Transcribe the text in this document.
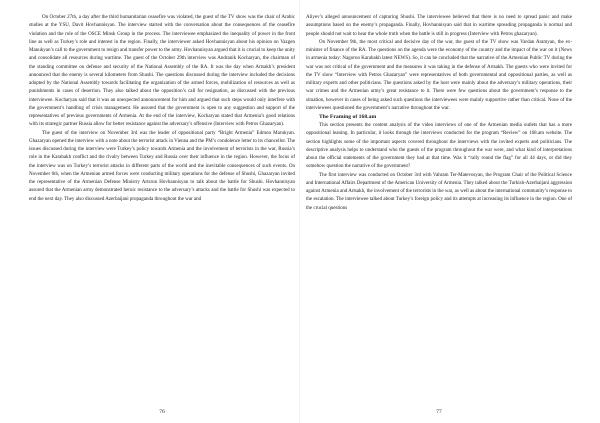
On October 27th, a day after the third humanitarian ceasefire was violated, the guest of the TV show was the chair of Arabic studies at the YSU, Davit Hovhannisyan. The interview started with the conversation about the consequences of the ceasefire violation and the role of the OSCE Minsk Group in the process. The interviewee emphasized the inequality of power in the front line as well as Turkey’s role and interest in the region. Finally, the interviewer asked Hovhannisyan about his opinion on Vazgen Manukyan’s call to the government to resign and transfer power to the army. Hovhannisyan argued that it is crucial to keep the unity and consolidate all resources during wartime. The guest of the October 29th interview was Andranik Kocharyan, the chairman of the standing committee on defense and security of the National Assembly of the RA. It was the day when Artsakh’s president announced that the enemy is several kilometers from Shushi. The questions discussed during the interview included the decisions adopted by the National Assembly towards facilitating the organization of the armed forces, mobilization of resources as well as punishments in cases of desertion. They also talked about the opposition’s call for resignation, as discussed with the previous interviewee. Kocharyan said that it was an unexpected announcement for him and argued that such steps would only interfere with the government’s handling of crisis management. He assured that the government is open to any suggestion and support of the representatives of previous governments of Armenia. At the end of the interview, Kocharyan stated that Armenia’s good relations with its strategic partner Russia allow for better resistance against the adversary’s offensive (Interview with Petros Ghazaryan).

The guest of the interview on November 3rd was the leader of oppositional party “Bright Armenia” Edmon Marukyan. Ghazaryan opened the interview with a note about the terrorist attack in Vienna and the PM’s condolence letter to its chancellor. The issues discussed during the interview were Turkey’s policy towards Armenia and the involvement of terrorists in the war, Russia’s role in the Karabakh conflict and the rivalry between Turkey and Russia over their influence in the region. However, the focus of the interview was on Turkey’s terrorist attacks in different parts of the world and the inevitable consequences of such events. On November 6th, when the Armenian armed forces were conducting military operations for the defense of Shushi, Ghazaryan invited the representative of the Armenian Defense Ministry Artsrun Hovhannisyan to talk about the battle for Shushi. Hovhannisyan assured that the Armenian army demonstrated heroic resistance to the adversary’s attacks and the battle for Shushi was expected to end the next day. They also discussed Azerbaijani propaganda throughout the war and

76

Aliyev’s alleged announcement of capturing Shushi. The interviewee believed that there is no need to spread panic and make assumptions based on the enemy’s propaganda. Finally, Hovhannisyan said that in wartime spreading propaganda is normal and people should not wait to hear the whole truth when the battle is still in progress (Interview with Petros ghazaryan).

On November 9th, the most critical and decisive day of the war, the guest of the TV show was Vardan Aramyan, the ex-minister of finance of the RA. The questions on the agenda were the economy of the country and the impact of the war on it (News in armenia today: Nagorno Karabakh latest NEWS). So, it can be concluded that the narrative of the Armenian Public TV during the war was not critical of the government and the measures it was taking in the defense of Artsakh. The guests who were invited for the TV show “Interview with Petros Ghazaryan” were representatives of both governmental and oppositional parties, as well as military experts and other politicians. The questions asked by the host were mainly about the adversary’s military operations, their war crimes and the Armenian army’s great resistance to it. There were few questions about the government’s response to the situation, however in cases of being asked such questions the interviewees were mainly supportive rather than critical. None of the interviewees questioned the government’s narrative throughout the war.

The Framing of 168.am

This section presents the content analysis of the video interviews of one of the Armenian media outlets that has a more oppositional leaning. In particular, it looks through the interviews conducted for the program “Review” on 168.am website. The section highlights some of the important aspects covered throughout the interviews with the invited experts and politicians. The descriptive analysis helps to understand who the guests of the program throughout the war were, and what kind of interpretations about the official statements of the government they had at that time. Was it “rally round the flag” for all 44 days, or did they somehow question the narrative of the government?

The first interview was conducted on October 3rd with Vahram Ter-Matevosyan, the Program Chair of the Political Science and International Affairs Department of the American University of Armenia. They talked about the Turkish-Azerbaijani aggression against Armenia and Artsakh, the involvement of the terrorists in the war, as well as about the international community’s response to the escalation. The interviewee talked about Turkey’s foreign policy and its attempts at increasing its influence in the region. One of the crucial questions

77
